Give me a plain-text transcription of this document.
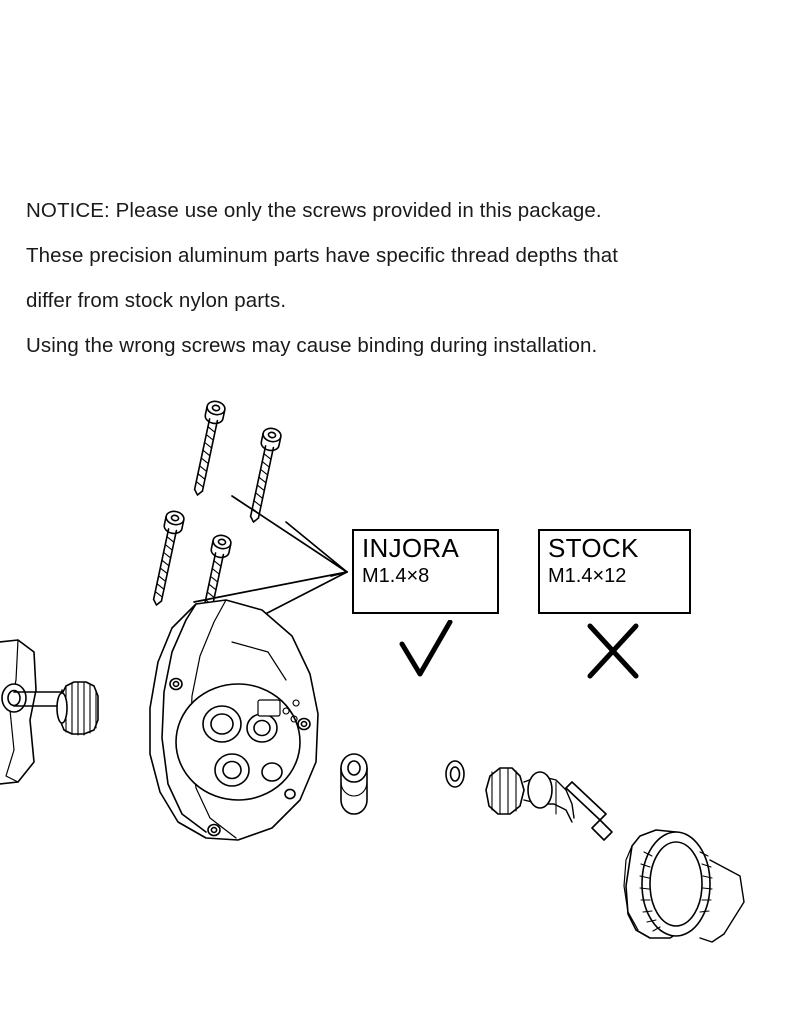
NOTICE: Please use only the screws provided in this package.
These precision aluminum parts have specific thread depths that
differ from stock nylon parts.
Using the wrong screws may cause binding during installation.
INJORA
M1.4×8
STOCK
M1.4×12
